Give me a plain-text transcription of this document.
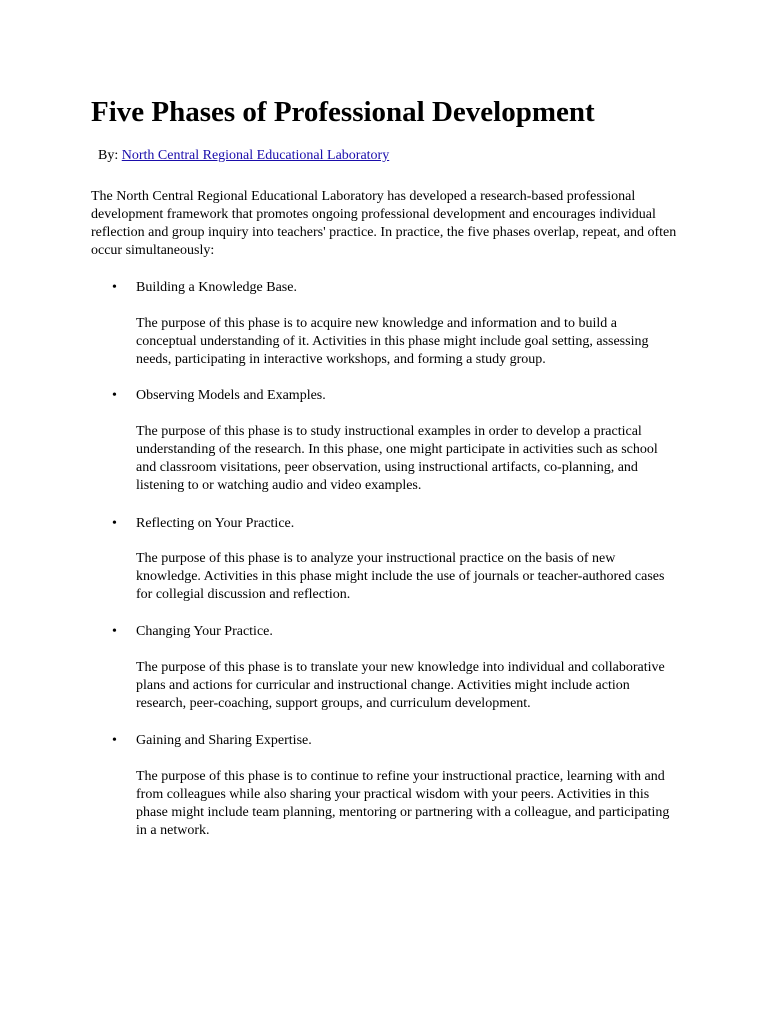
Five Phases of Professional Development
By: North Central Regional Educational Laboratory

The North Central Regional Educational Laboratory has developed a research-based professional development framework that promotes ongoing professional development and encourages individual reflection and group inquiry into teachers' practice. In practice, the five phases overlap, repeat, and often occur simultaneously:

• Building a Knowledge Base.

The purpose of this phase is to acquire new knowledge and information and to build a conceptual understanding of it. Activities in this phase might include goal setting, assessing needs, participating in interactive workshops, and forming a study group.

• Observing Models and Examples.

The purpose of this phase is to study instructional examples in order to develop a practical understanding of the research. In this phase, one might participate in activities such as school and classroom visitations, peer observation, using instructional artifacts, co-planning, and listening to or watching audio and video examples.

• Reflecting on Your Practice.

The purpose of this phase is to analyze your instructional practice on the basis of new knowledge. Activities in this phase might include the use of journals or teacher-authored cases for collegial discussion and reflection.

• Changing Your Practice.

The purpose of this phase is to translate your new knowledge into individual and collaborative plans and actions for curricular and instructional change. Activities might include action research, peer-coaching, support groups, and curriculum development.

• Gaining and Sharing Expertise.

The purpose of this phase is to continue to refine your instructional practice, learning with and from colleagues while also sharing your practical wisdom with your peers. Activities in this phase might include team planning, mentoring or partnering with a colleague, and participating in a network.
